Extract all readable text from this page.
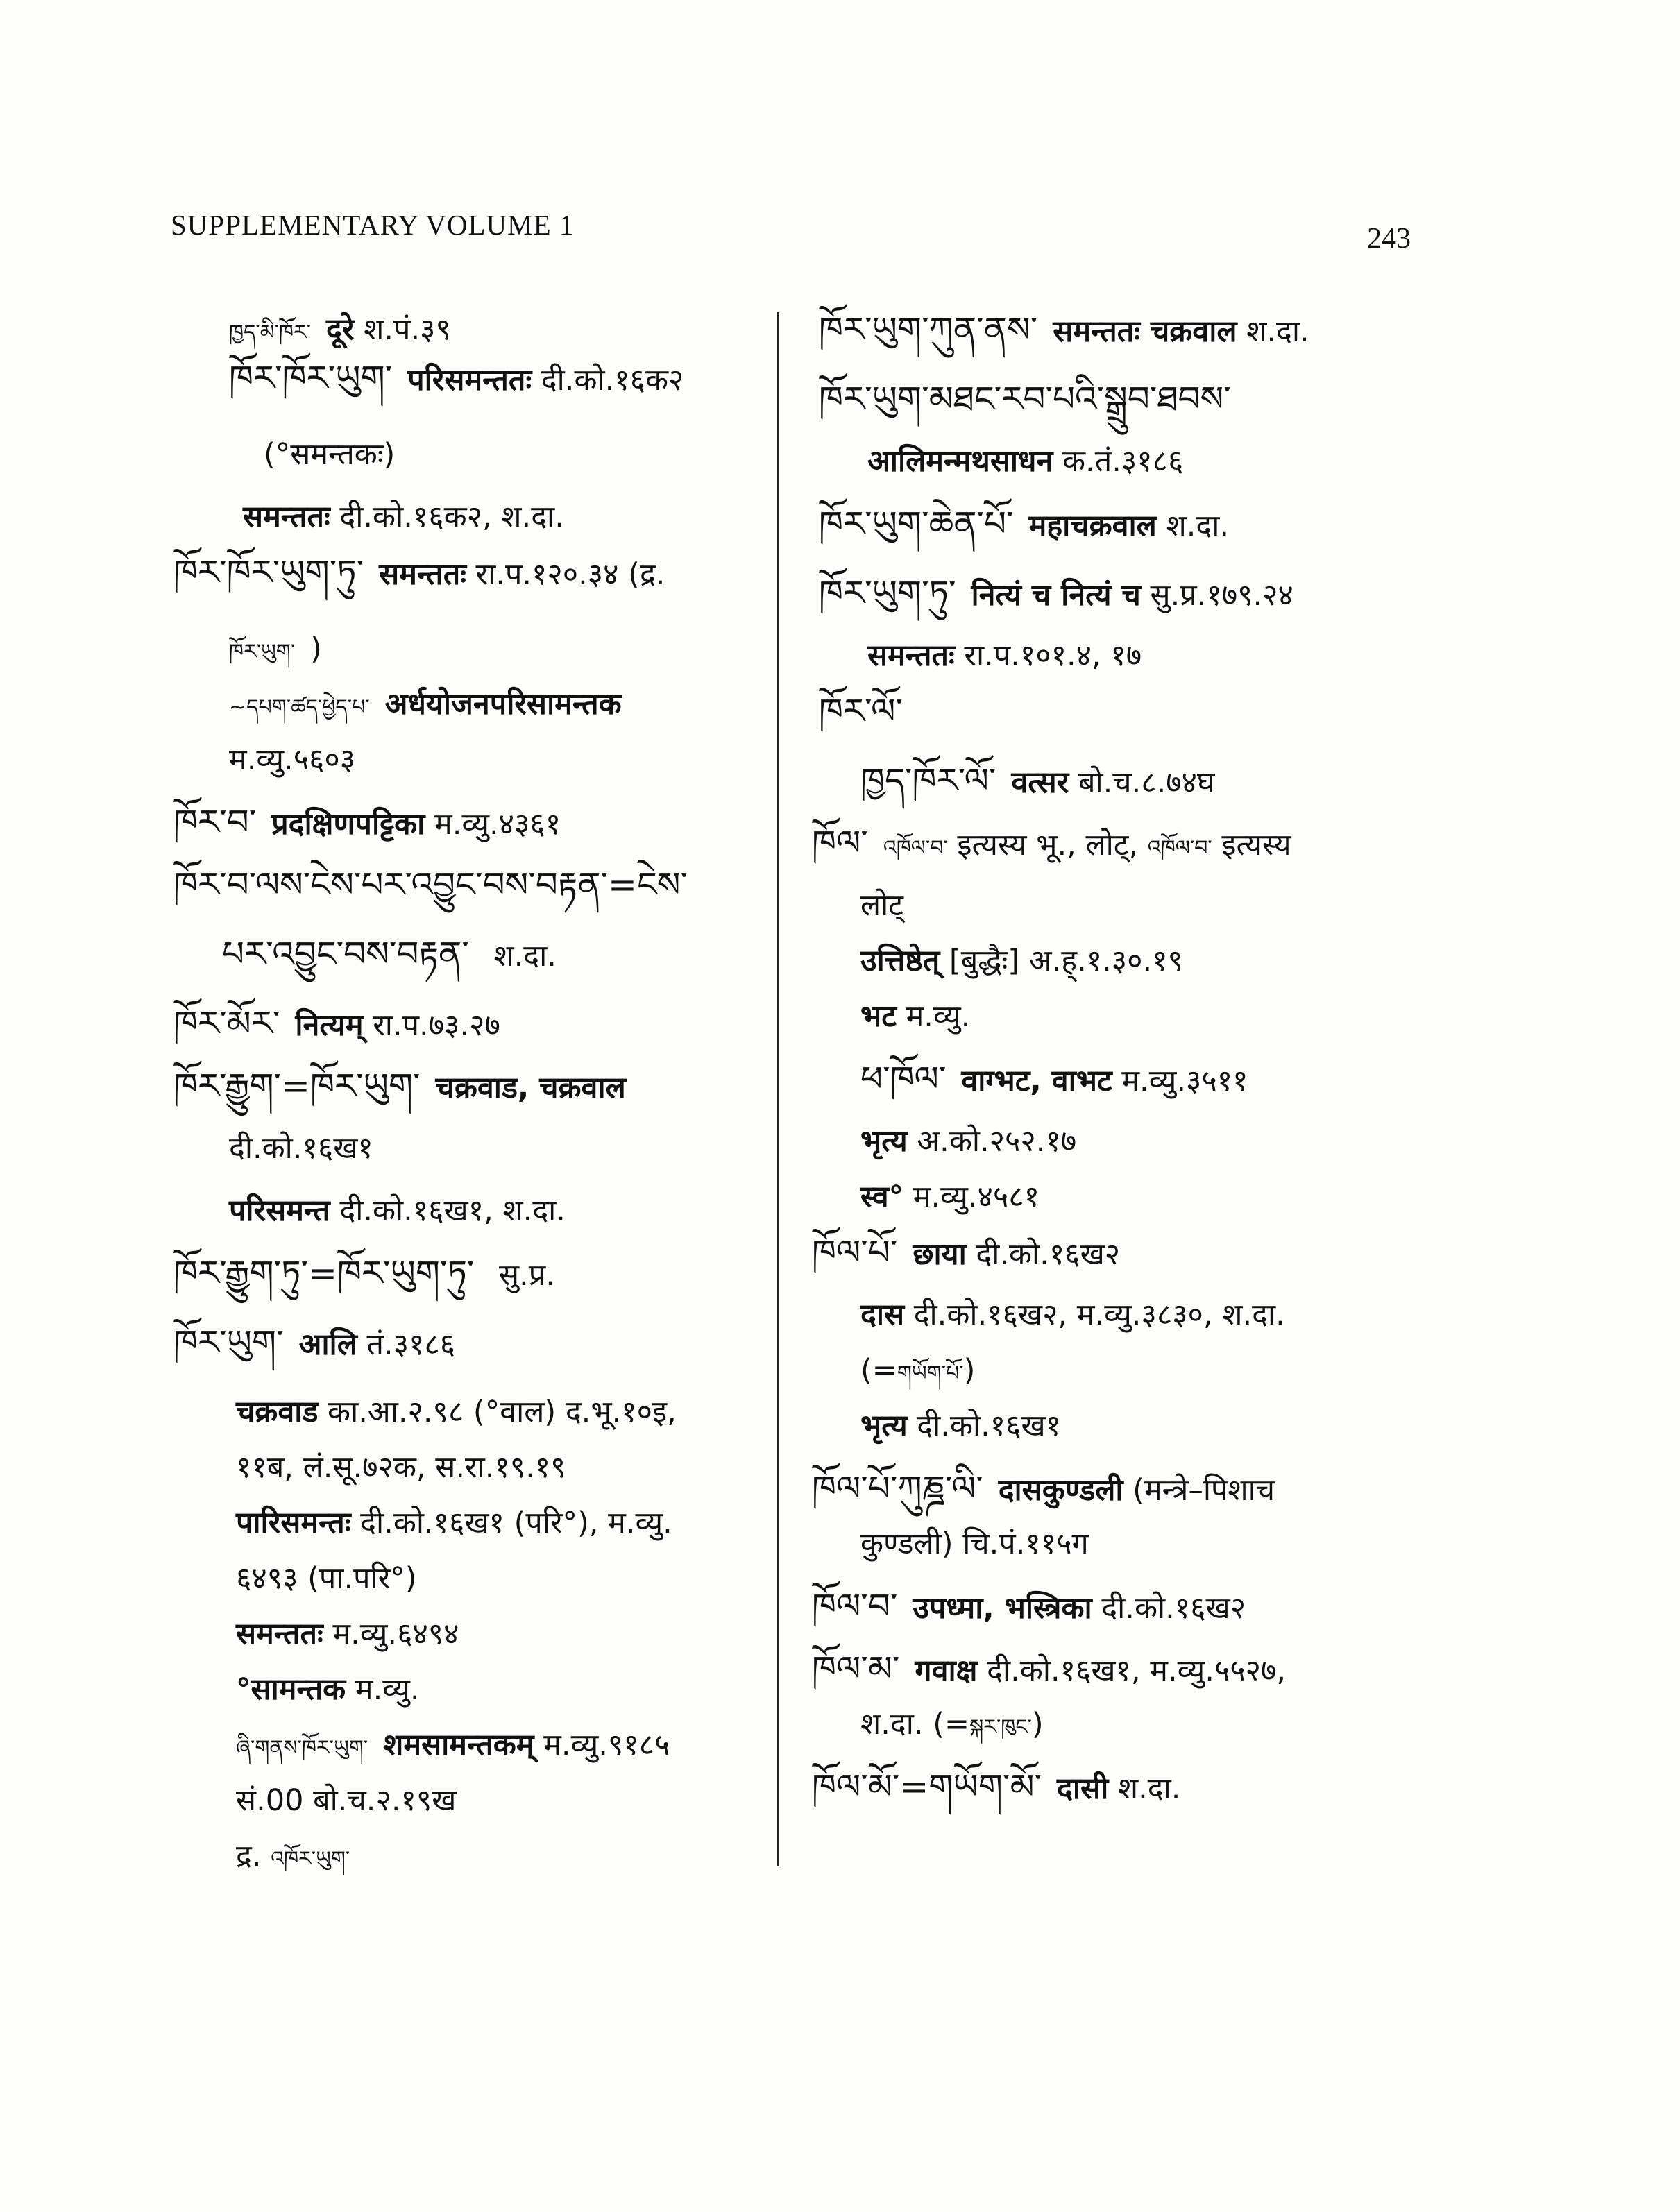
SUPPLEMENTARY VOLUME 1	243
ཁྱད་མི་ཁོར་ दूरे श.पं.३९
ཁོར་ཁོར་ཡུག་ परिसमन्ततः दी.को.१६क२
(°समन्तकः)
समन्ततः दी.को.१६क२, श.दा.
ཁོར་ཁོར་ཡུག་ཏུ་ समन्ततः रा.प.१२०.३४ (द्र.
ཁོར་ཡུག་ )
~དཔག་ཚད་ཕྱེད་པ་ अर्धयोजनपरिसामन्तक
म.व्यु.५६०३
ཁོར་བ་ प्रदक्षिणपट्टिका म.व्यु.४३६१
ཁོར་བ་ལས་ངེས་པར་འབྱུང་བས་བརྟན་=ངེས་
པར་འབྱུང་བས་བརྟན་ श.दा.
ཁོར་མོར་ नित्यम् रा.प.७३.२७
ཁོར་རྒྱུག་=ཁོར་ཡུག་ चक्रवाड, चक्रवाल
दी.को.१६ख१
परिसमन्त दी.को.१६ख१, श.दा.
ཁོར་རྒྱུག་ཏུ་=ཁོར་ཡུག་ཏུ་ सु.प्र.
ཁོར་ཡུག་ आलि तं.३१८६
चक्रवाड का.आ.२.९८ (°वाल) द.भू.१०इ,
११ब, लं.सू.७२क, स.रा.१९.१९
पारिसमन्तः दी.को.१६ख१ (परि°), म.व्यु.
६४९३ (पा.परि°)
समन्ततः म.व्यु.६४९४
°सामन्तक म.व्यु.
ཞི་གནས་ཁོར་ཡུག་ शमसामन्तकम् म.व्यु.९१८५
सं.00 बो.च.२.१९ख
द्र. འཁོར་ཡུག་
ཁོར་ཡུག་ཀུན་ནས་ समन्ततः चक्रवाल श.दा.
ཁོར་ཡུག་མཐང་རབ་པའི་སྒྲུབ་ཐབས་
आलिमन्मथसाधन क.तं.३१८६
ཁོར་ཡུག་ཆེན་པོ་ महाचक्रवाल श.दा.
ཁོར་ཡུག་ཏུ་ नित्यं च नित्यं च सु.प्र.१७९.२४
समन्ततः रा.प.१०१.४, १७
ཁོར་ལོ་
ཁྱད་ཁོར་ལོ་ वत्सर बो.च.८.७४घ
ཁོལ་ འཁོལ་བ་ इत्यस्य भू., लोट्, འཁོལ་བ་ इत्यस्य
लोट्
उत्तिष्ठेत् [बुद्धैः] अ.ह्.१.३०.१९
भट म.व्यु.
ཕ་ཁོལ་ वाग्भट, वाभट म.व्यु.३५११
भृत्य अ.को.२५२.१७
स्व° म.व्यु.४५८१
ཁོལ་པོ་ छाया दी.को.१६ख२
दास दी.को.१६ख२, म.व्यु.३८३०, श.दा.
(=གཡོག་པོ་)
भृत्य दी.को.१६ख१
ཁོལ་པོ་ཀུཎྜ་ལི་ दासकुण्डली (मन्त्रे–पिशाच
कुण्डली) चि.पं.११५ग
ཁོལ་བ་ उपध्मा, भस्त्रिका दी.को.१६ख२
ཁོལ་མ་ गवाक्ष दी.को.१६ख१, म.व्यु.५५२७,
श.दा. (=སྐར་ཁུང་)
ཁོལ་མོ་=གཡོག་མོ་ दासी श.दा.
